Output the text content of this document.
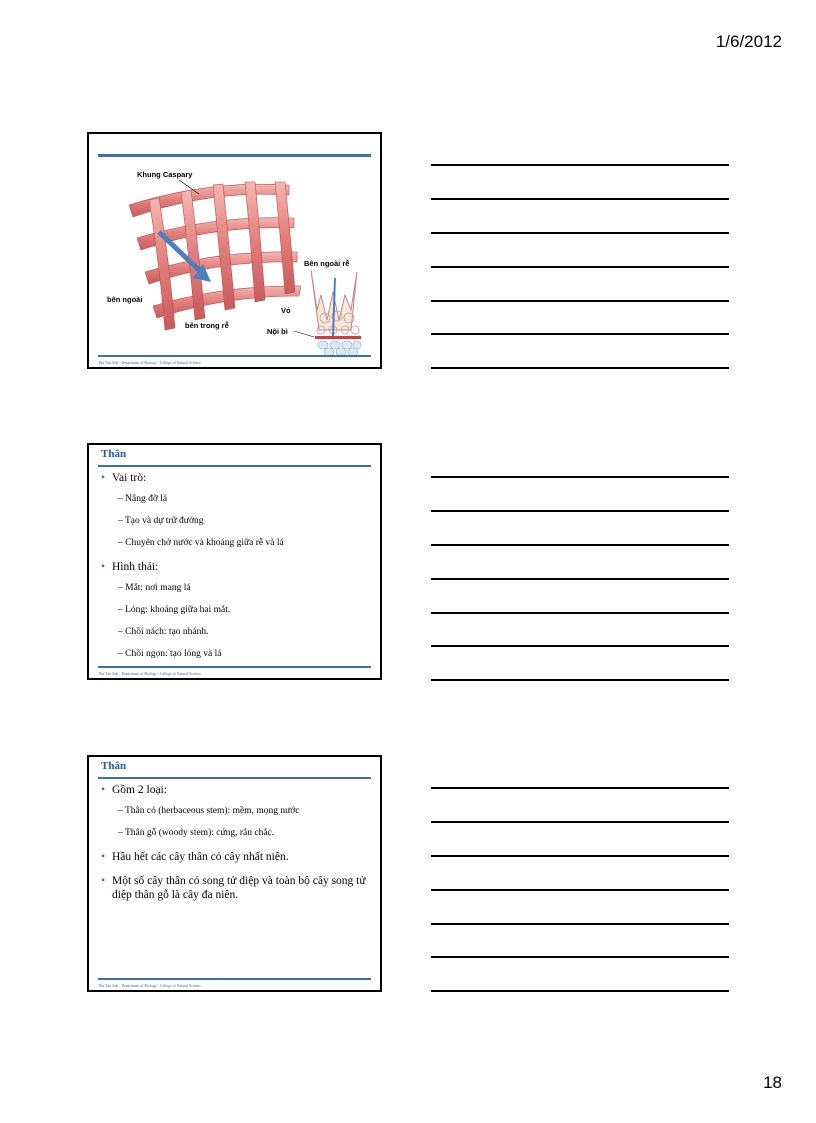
1/6/2012
Khung Caspary
Bên ngoài rễ
bên ngoài
bên trong rễ
Vỏ
Nội bì
Bui Tan Anh - Department of Biology - College of Natural Science
Thân
• Vai trò:
– Nâng đỡ lá
– Tạo và dự trữ đường
– Chuyên chở nước và khoáng giữa rễ và lá
• Hình thái:
– Mắt: nơi mang lá
– Lóng: khoảng giữa hai mắt.
– Chồi nách: tạo nhánh.
– Chồi ngọn: tạo lóng và lá
Bui Tan Anh - Department of Biology - College of Natural Science
Thân
• Gồm 2 loại:
– Thân cỏ (herbaceous stem): mềm, mọng nước
– Thân gỗ (woody stem): cứng, rắn chắc.
• Hầu hết các cây thân cỏ cây nhất niên.
• Một số cây thân cỏ song tử diệp và toàn bộ cây song tử diệp thân gỗ là cây đa niên.
Bui Tan Anh - Department of Biology - College of Natural Science
18
